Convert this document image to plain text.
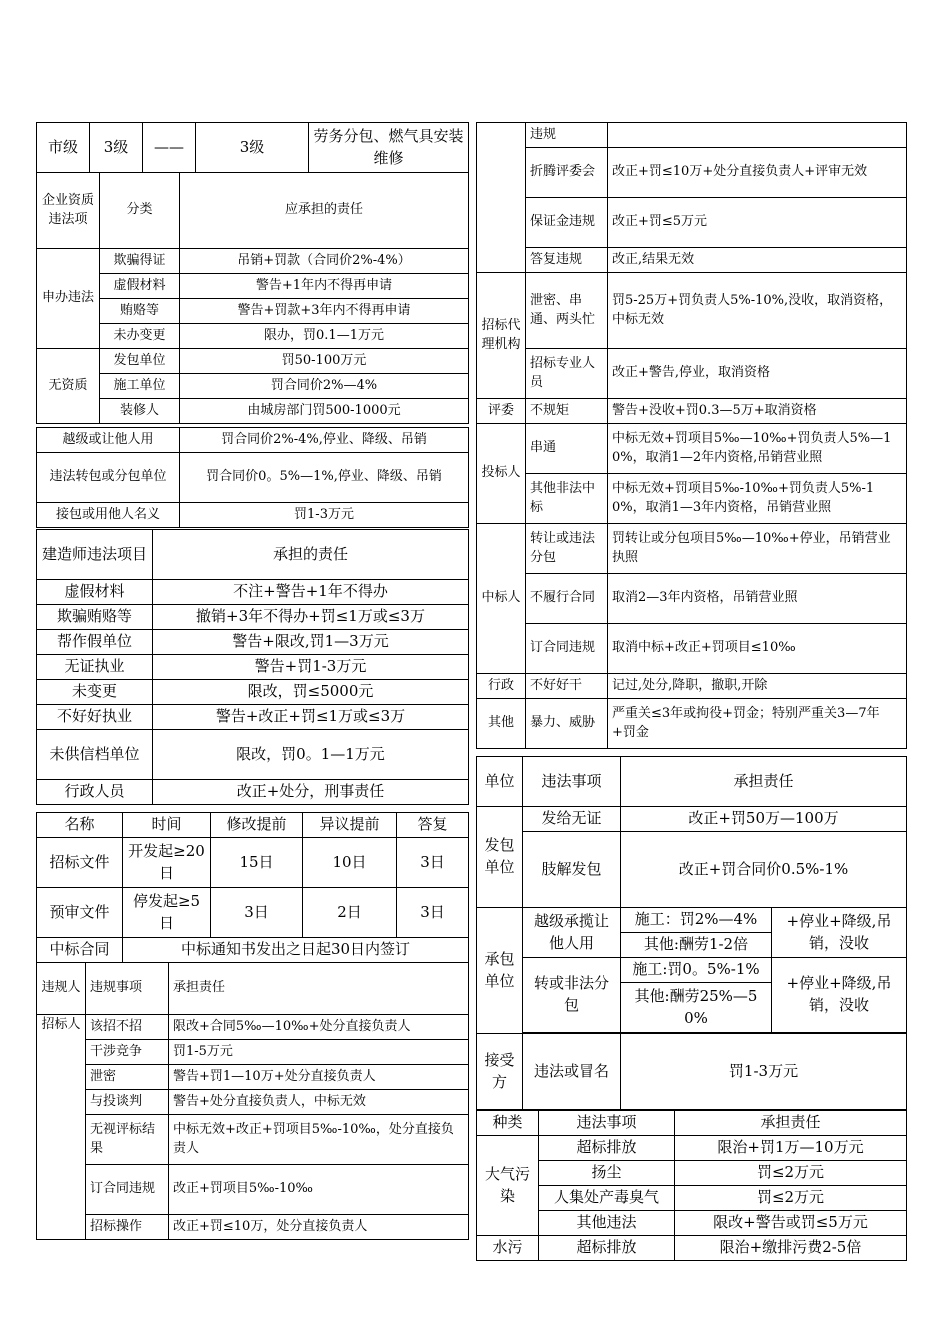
市级	3级	——	3级	劳务分包、燃气具安装维修
企业资质违法项	分类	应承担的责任
申办违法	欺骗得证	吊销+罚款（合同价2%-4%）
	虚假材料	警告+1年内不得再申请
	贿赂等	警告+罚款+3年内不得再申请
	未办变更	限办，罚0.1—1万元
无资质	发包单位	罚50-100万元
	施工单位	罚合同价2%—4%
	装修人	由城房部门罚500-1000元
越级或让他人用	罚合同价2%-4%,停业、降级、吊销
违法转包或分包单位	罚合同价0。5%—1%,停业、降级、吊销
接包或用他人名义	罚1-3万元
建造师违法项目	承担的责任
虚假材料	不注+警告+1年不得办
欺骗贿赂等	撤销+3年不得办+罚≤1万或≤3万
帮作假单位	警告+限改,罚1—3万元
无证执业	警告+罚1-3万元
未变更	限改，罚≤5000元
不好好执业	警告+改正+罚≤1万或≤3万
未供信档单位	限改，罚0。1—1万元
行政人员	改正+处分，刑事责任
名称	时间	修改提前	异议提前	答复
招标文件	开发起≥20日	15日	10日	3日
预审文件	停发起≥5日	3日	2日	3日
中标合同	中标通知书发出之日起30日内签订
违规人	违规事项	承担责任
招标人	该招不招	限改+合同5‰—10‰+处分直接负责人
	干涉竞争	罚1-5万元
	泄密	警告+罚1—10万+处分直接负责人
	与投谈判	警告+处分直接负责人，中标无效
	无视评标结果	中标无效+改正+罚项目5‰-10‰，处分直接负责人
	订合同违规	改正+罚项目5‰-10‰
	招标操作	改正+罚≤10万，处分直接负责人
	违规	
	折腾评委会	改正+罚≤10万+处分直接负责人+评审无效
	保证金违规	改正+罚≤5万元
	答复违规	改正,结果无效
招标代理机构	泄密、串通、两头忙	罚5-25万+罚负责人5%-10%,没收，取消资格，中标无效
	招标专业人员	改正+警告,停业，取消资格
评委	不规矩	警告+没收+罚0.3—5万+取消资格
投标人	串通	中标无效+罚项目5‰—10‰+罚负责人5%—10%，取消1—2年内资格,吊销营业照
	其他非法中标	中标无效+罚项目5‰-10‰+罚负责人5%-10%，取消1—3年内资格，吊销营业照
中标人	转让或违法分包	罚转让或分包项目5‰—10‰+停业，吊销营业执照
	不履行合同	取消2—3年内资格，吊销营业照
	订合同违规	取消中标+改正+罚项目≤10‰
行政	不好好干	记过,处分,降职，撤职,开除
其他	暴力、威胁	严重关≤3年或拘役+罚金；特别严重关3—7年+罚金
单位	违法事项	承担责任	
发包单位	发给无证	改正+罚50万—100万	
	肢解发包	改正+罚合同价0.5%-1%	
承包单位	越级承揽让他人用	施工：罚2%—4%	+停业+降级,吊销，没收
		其他:酬劳1-2倍	
	转或非法分包	施工:罚0。5%-1%	+停业+降级,吊销，没收
		其他:酬劳25%—50%	

接受方	违法或冒名	罚1-3万元	
种类	违法事项	承担责任
大气污染	超标排放	限治+罚1万—10万元
	扬尘	罚≤2万元
	人集处产毒臭气	罚≤2万元
	其他违法	限改+警告或罚≤5万元
水污	超标排放	限治+缴排污费2-5倍
